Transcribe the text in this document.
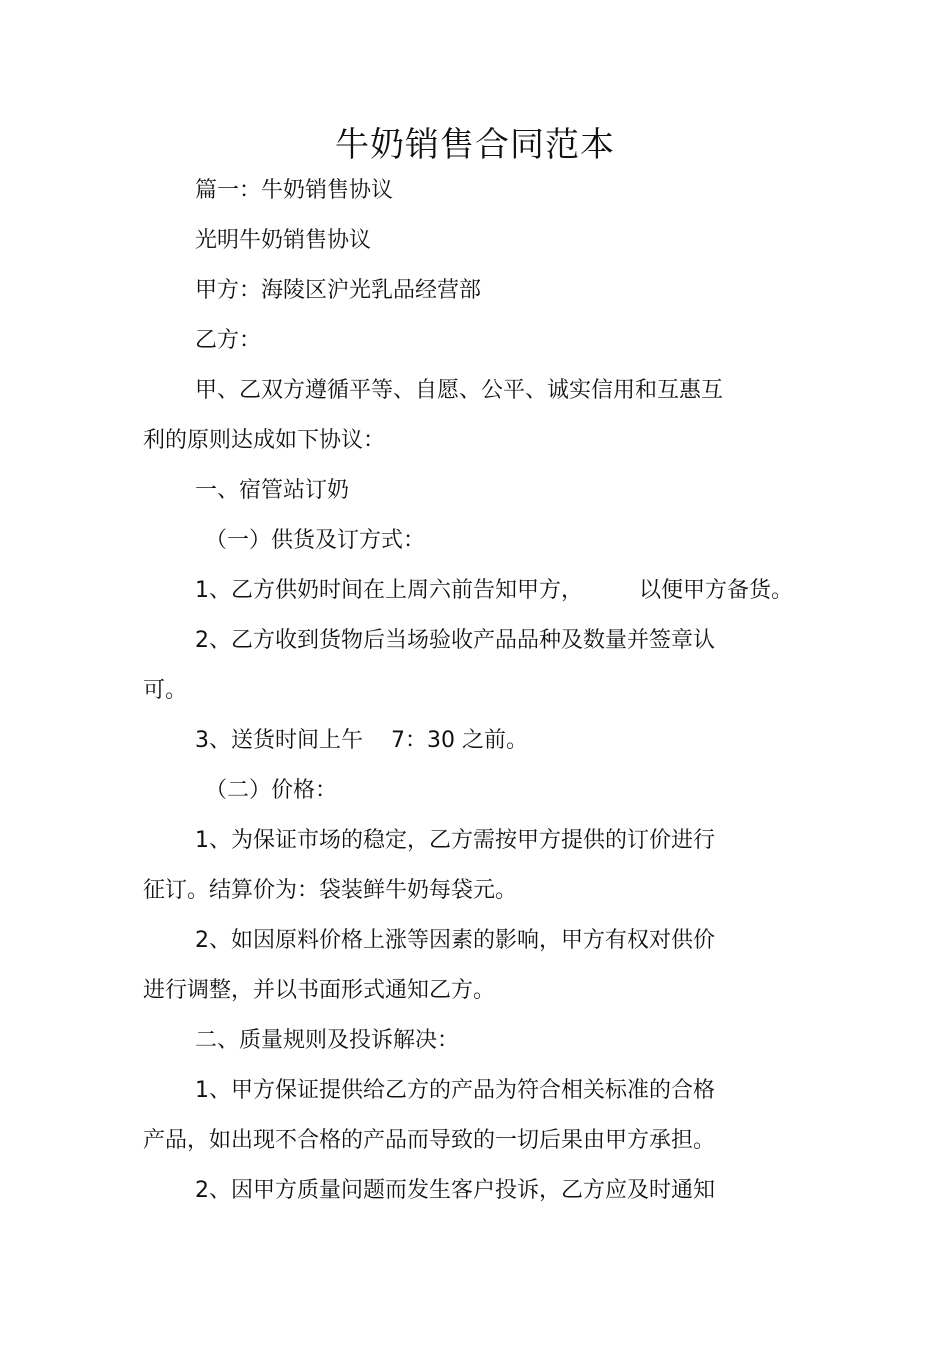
牛奶销售合同范本
篇一：牛奶销售协议
光明牛奶销售协议
甲方：海陵区沪光乳品经营部
乙方：
甲、乙双方遵循平等、自愿、公平、诚实信用和互惠互
利的原则达成如下协议：
一、宿管站订奶
（一）供货及订方式：
1、乙方供奶时间在上周六前告知甲方，        以便甲方备货。
2、乙方收到货物后当场验收产品品种及数量并签章认
可。
3、送货时间上午    7：30 之前。
（二）价格：
1、为保证市场的稳定，乙方需按甲方提供的订价进行
征订。结算价为：袋装鲜牛奶每袋元。
2、如因原料价格上涨等因素的影响，甲方有权对供价
进行调整，并以书面形式通知乙方。
二、质量规则及投诉解决：
1、甲方保证提供给乙方的产品为符合相关标准的合格
产品，如出现不合格的产品而导致的一切后果由甲方承担。
2、因甲方质量问题而发生客户投诉，乙方应及时通知
